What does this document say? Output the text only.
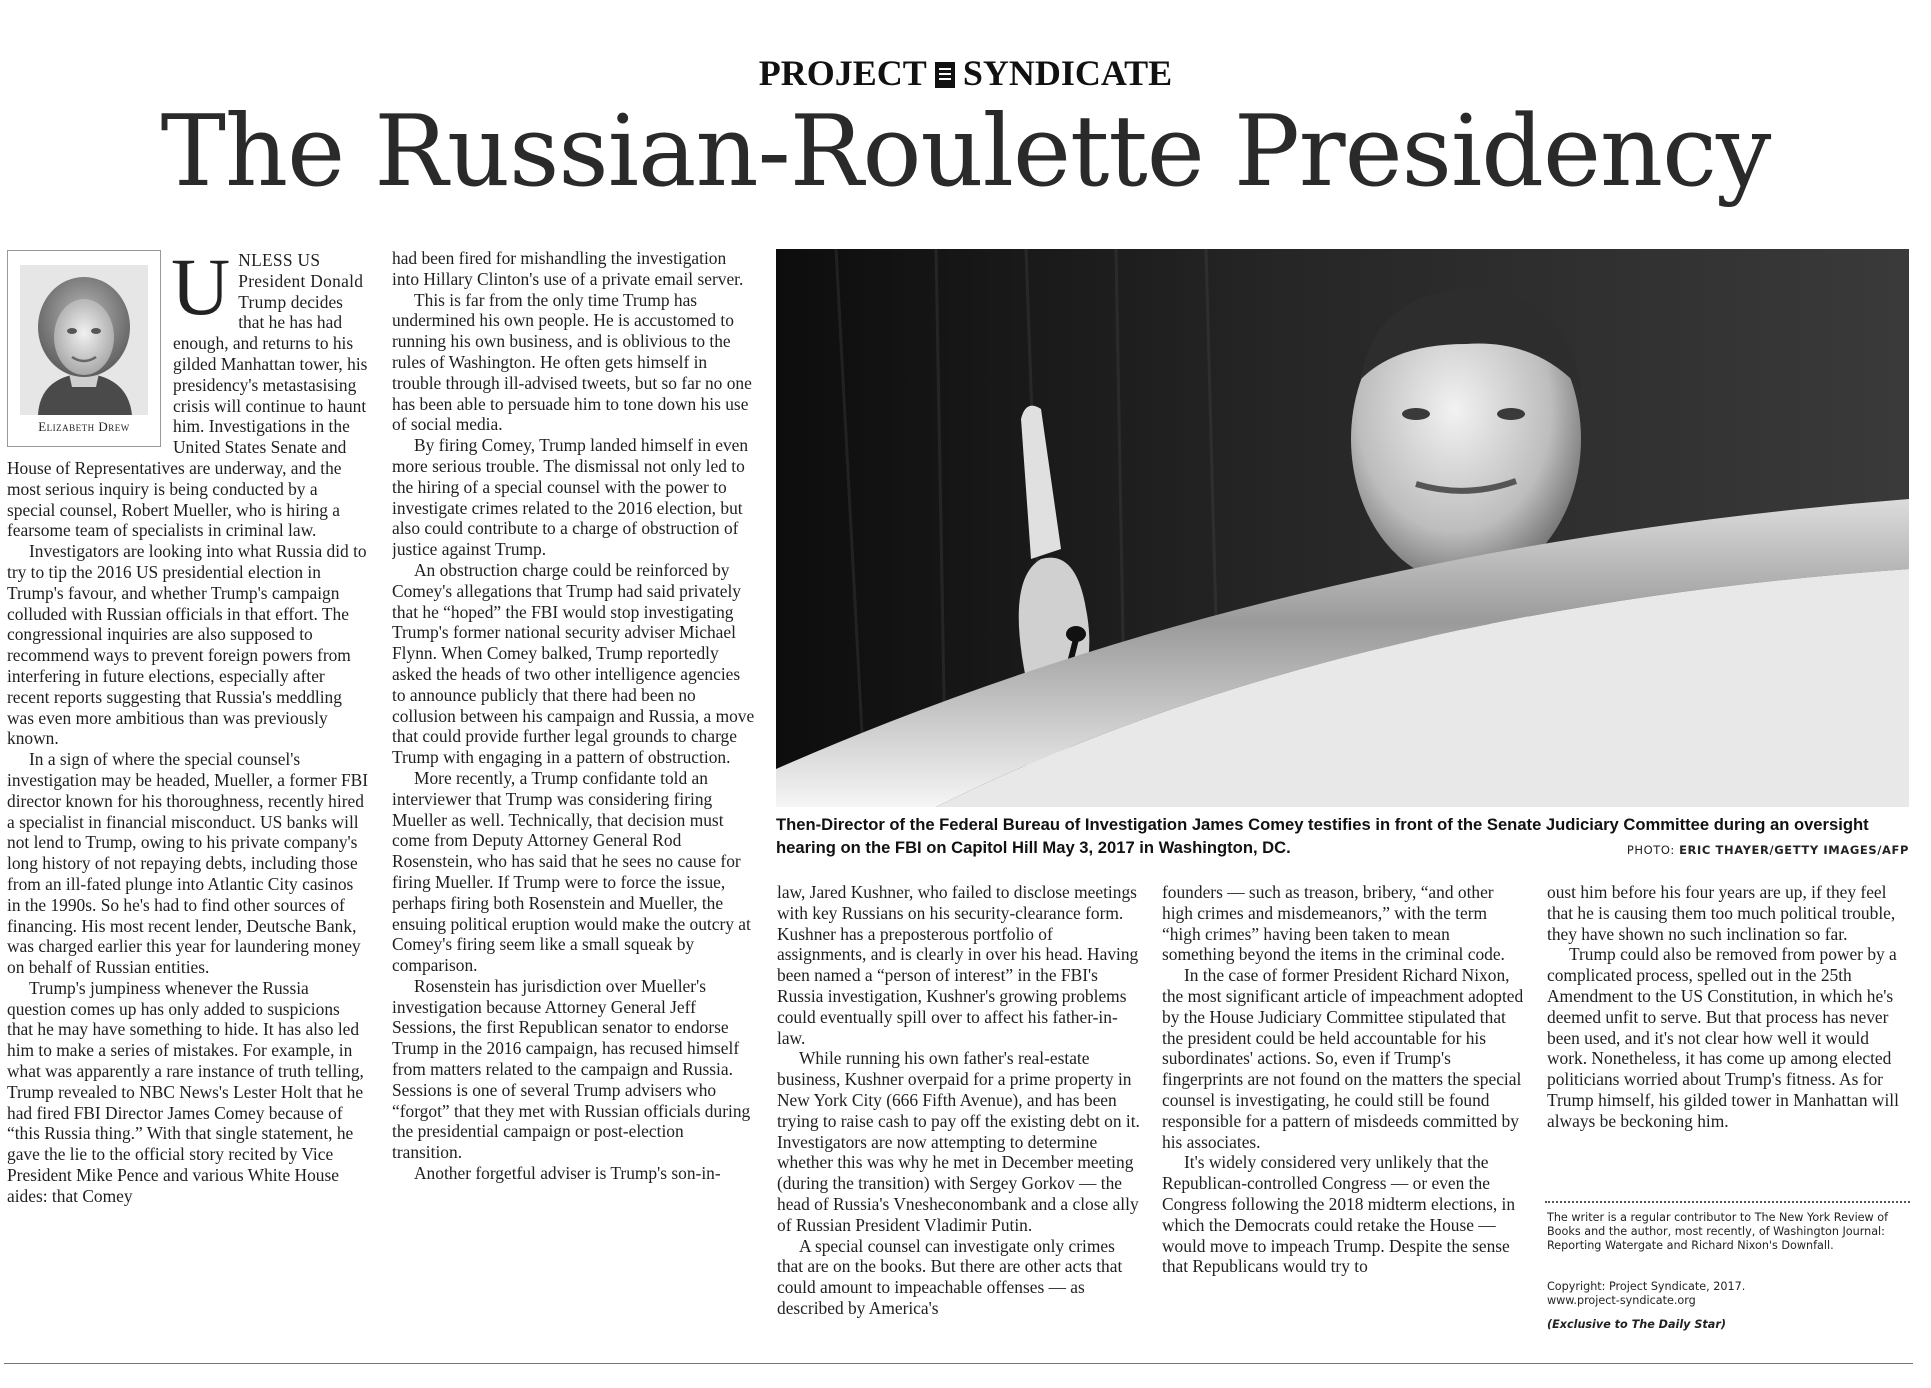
PROJECT SYNDICATE
The Russian-Roulette Presidency
Elizabeth Drew

UNLESS US President Donald Trump decides that he has had enough, and returns to his gilded Manhattan tower, his presidency's metastasising crisis will continue to haunt him. Investigations in the United States Senate and House of Representatives are underway, and the most serious inquiry is being conducted by a special counsel, Robert Mueller, who is hiring a fearsome team of specialists in criminal law.

Investigators are looking into what Russia did to try to tip the 2016 US presidential election in Trump's favour, and whether Trump's campaign colluded with Russian officials in that effort. The congressional inquiries are also supposed to recommend ways to prevent foreign powers from interfering in future elections, especially after recent reports suggesting that Russia's meddling was even more ambitious than was previously known.

In a sign of where the special counsel's investigation may be headed, Mueller, a former FBI director known for his thoroughness, recently hired a specialist in financial misconduct. US banks will not lend to Trump, owing to his private company's long history of not repaying debts, including those from an ill-fated plunge into Atlantic City casinos in the 1990s. So he's had to find other sources of financing. His most recent lender, Deutsche Bank, was charged earlier this year for laundering money on behalf of Russian entities.

Trump's jumpiness whenever the Russia question comes up has only added to suspicions that he may have something to hide. It has also led him to make a series of mistakes. For example, in what was apparently a rare instance of truth telling, Trump revealed to NBC News's Lester Holt that he had fired FBI Director James Comey because of “this Russia thing.” With that single statement, he gave the lie to the official story recited by Vice President Mike Pence and various White House aides: that Comey

had been fired for mishandling the investigation into Hillary Clinton's use of a private email server.

This is far from the only time Trump has undermined his own people. He is accustomed to running his own business, and is oblivious to the rules of Washington. He often gets himself in trouble through ill-advised tweets, but so far no one has been able to persuade him to tone down his use of social media.

By firing Comey, Trump landed himself in even more serious trouble. The dismissal not only led to the hiring of a special counsel with the power to investigate crimes related to the 2016 election, but also could contribute to a charge of obstruction of justice against Trump.

An obstruction charge could be reinforced by Comey's allegations that Trump had said privately that he “hoped” the FBI would stop investigating Trump's former national security adviser Michael Flynn. When Comey balked, Trump reportedly asked the heads of two other intelligence agencies to announce publicly that there had been no collusion between his campaign and Russia, a move that could provide further legal grounds to charge Trump with engaging in a pattern of obstruction.

More recently, a Trump confidante told an interviewer that Trump was considering firing Mueller as well. Technically, that decision must come from Deputy Attorney General Rod Rosenstein, who has said that he sees no cause for firing Mueller. If Trump were to force the issue, perhaps firing both Rosenstein and Mueller, the ensuing political eruption would make the outcry at Comey's firing seem like a small squeak by comparison.

Rosenstein has jurisdiction over Mueller's investigation because Attorney General Jeff Sessions, the first Republican senator to endorse Trump in the 2016 campaign, has recused himself from matters related to the campaign and Russia. Sessions is one of several Trump advisers who “forgot” that they met with Russian officials during the presidential campaign or post-election transition.

Another forgetful adviser is Trump's son-in-

Then-Director of the Federal Bureau of Investigation James Comey testifies in front of the Senate Judiciary Committee during an oversight hearing on the FBI on Capitol Hill May 3, 2017 in Washington, DC.	PHOTO: ERIC THAYER/GETTY IMAGES/AFP

law, Jared Kushner, who failed to disclose meetings with key Russians on his security-clearance form. Kushner has a preposterous portfolio of assignments, and is clearly in over his head. Having been named a “person of interest” in the FBI's Russia investigation, Kushner's growing problems could eventually spill over to affect his father-in-law.

While running his own father's real-estate business, Kushner overpaid for a prime property in New York City (666 Fifth Avenue), and has been trying to raise cash to pay off the existing debt on it. Investigators are now attempting to determine whether this was why he met in December meeting (during the transition) with Sergey Gorkov — the head of Russia's Vnesheconombank and a close ally of Russian President Vladimir Putin.

A special counsel can investigate only crimes that are on the books. But there are other acts that could amount to impeachable offenses — as described by America's

founders — such as treason, bribery, “and other high crimes and misdemeanors,” with the term “high crimes” having been taken to mean something beyond the items in the criminal code.

In the case of former President Richard Nixon, the most significant article of impeachment adopted by the House Judiciary Committee stipulated that the president could be held accountable for his subordinates' actions. So, even if Trump's fingerprints are not found on the matters the special counsel is investigating, he could still be found responsible for a pattern of misdeeds committed by his associates.

It's widely considered very unlikely that the Republican-controlled Congress — or even the Congress following the 2018 midterm elections, in which the Democrats could retake the House — would move to impeach Trump. Despite the sense that Republicans would try to

oust him before his four years are up, if they feel that he is causing them too much political trouble, they have shown no such inclination so far.

Trump could also be removed from power by a complicated process, spelled out in the 25th Amendment to the US Constitution, in which he's deemed unfit to serve. But that process has never been used, and it's not clear how well it would work. Nonetheless, it has come up among elected politicians worried about Trump's fitness. As for Trump himself, his gilded tower in Manhattan will always be beckoning him.

The writer is a regular contributor to The New York Review of Books and the author, most recently, of Washington Journal: Reporting Watergate and Richard Nixon's Downfall.
Copyright: Project Syndicate, 2017.
www.project-syndicate.org
(Exclusive to The Daily Star)
